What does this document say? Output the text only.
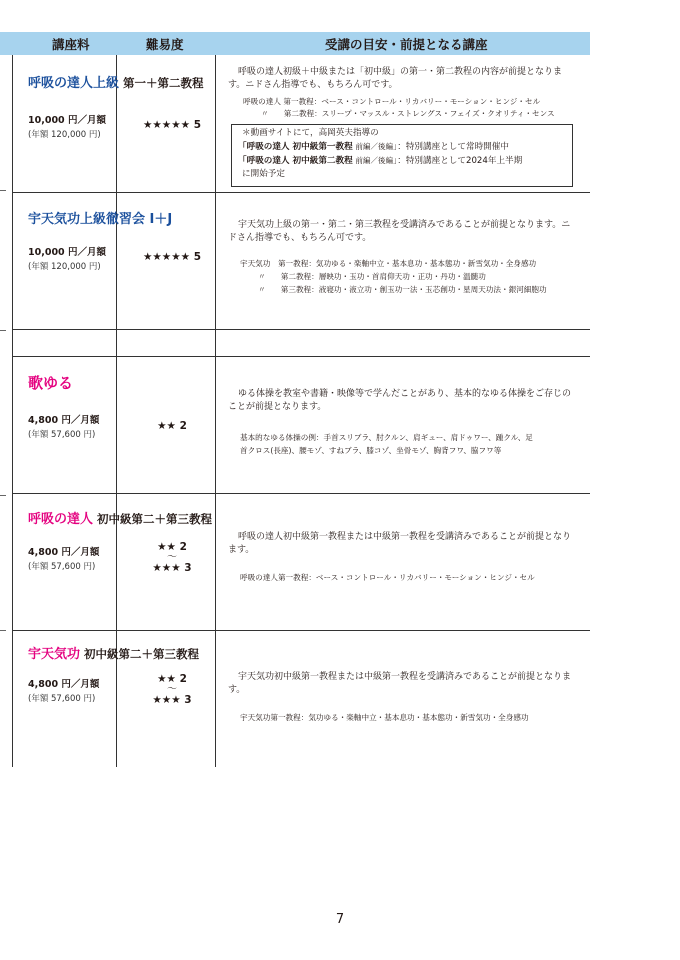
講座料	難易度	受講の目安・前提となる講座
呼吸の達人上級 第一＋第二教程
10,000 円／月額
(年額 120,000 円)
★★★★★ 5
呼吸の達人初級＋中級または「初中級」の第一・第二教程の内容が前提となります。ニドさん指導でも、もちろん可です。
呼吸の達人 第一教程：ベース・コントロール・リカバリー・モーション・ヒンジ・セル
〃　　第二教程：スリープ・マッスル・ストレングス・フェイズ・クオリティ・センス
＊動画サイトにて，高岡英夫指導の
「呼吸の達人 初中級第一教程 前編／後編」：特別講座として常時開催中
「呼吸の達人 初中級第二教程 前編／後編」：特別講座として2024年上半期
に開始予定
宇天気功上級徹習会 I＋J
10,000 円／月額
(年額 120,000 円)
★★★★★ 5
宇天気功上級の第一・第二・第三教程を受講済みであることが前提となります。ニドさん指導でも、もちろん可です。
宇天気功　第一教程：気功ゆる・楽軸中立・基本息功・基本態功・新雪気功・全身感功
〃　　第二教程：層映功・玉功・首肩仰天功・正功・丹功・温髄功
〃　　第三教程：液寝功・液立功・創玉功一法・玉芯創功・星周天功法・銀河細胞功
歌ゆる
4,800 円／月額
(年額 57,600 円)
★★ 2
ゆる体操を教室や書籍・映像等で学んだことがあり、基本的なゆる体操をご存じのことが前提となります。
基本的なゆる体操の例：手首スリブラ、肘クルン、肩ギュー、肩ドゥワー、踵クル、足
首クロス(長座)、腰モゾ、すねブラ、膝コゾ、坐骨モゾ、胸背フワ、脇フワ等
呼吸の達人 初中級第二＋第三教程
4,800 円／月額
(年額 57,600 円)
★★ 2
〜
★★★ 3
呼吸の達人初中級第一教程または中級第一教程を受講済みであることが前提となります。
呼吸の達人第一教程：ベース・コントロール・リカバリー・モーション・ヒンジ・セル
宇天気功 初中級第二＋第三教程
4,800 円／月額
(年額 57,600 円)
★★ 2
〜
★★★ 3
宇天気功初中級第一教程または中級第一教程を受講済みであることが前提となります。
宇天気功第一教程：気功ゆる・楽軸中立・基本息功・基本態功・新雪気功・全身感功
7
